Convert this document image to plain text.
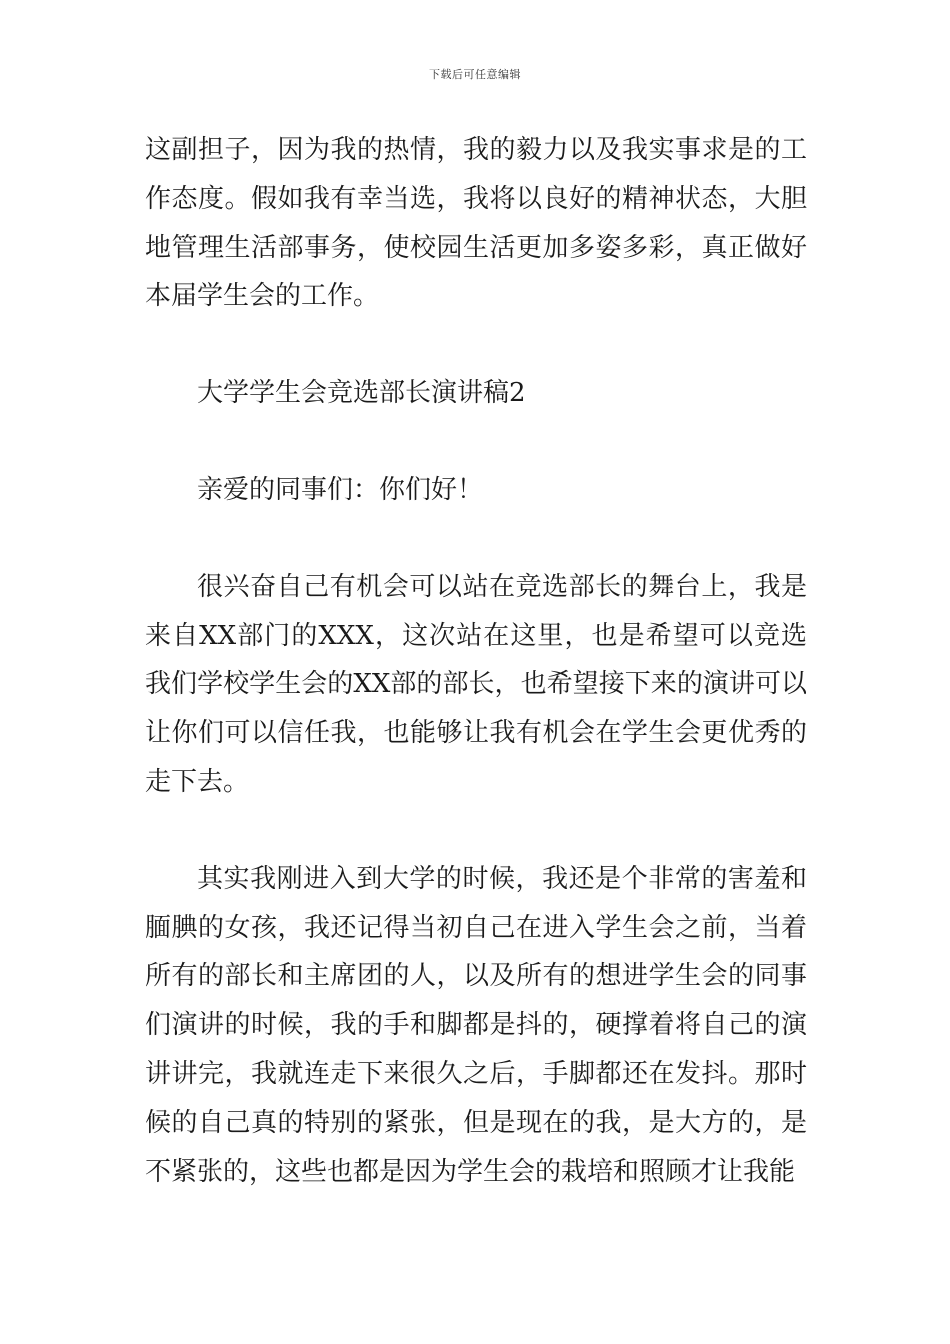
下载后可任意编辑

这副担子，因为我的热情，我的毅力以及我实事求是的工作态度。假如我有幸当选，我将以良好的精神状态，大胆地管理生活部事务，使校园生活更加多姿多彩，真正做好本届学生会的工作。

大学学生会竞选部长演讲稿2

亲爱的同事们：你们好！

很兴奋自己有机会可以站在竞选部长的舞台上，我是来自XX部门的XXX，这次站在这里，也是希望可以竞选我们学校学生会的XX部的部长，也希望接下来的演讲可以让你们可以信任我，也能够让我有机会在学生会更优秀的走下去。

其实我刚进入到大学的时候，我还是个非常的害羞和腼腆的女孩，我还记得当初自己在进入学生会之前，当着所有的部长和主席团的人，以及所有的想进学生会的同事们演讲的时候，我的手和脚都是抖的，硬撑着将自己的演讲讲完，我就连走下来很久之后，手脚都还在发抖。那时候的自己真的特别的紧张，但是现在的我，是大方的，是不紧张的，这些也都是因为学生会的栽培和照顾才让我能
